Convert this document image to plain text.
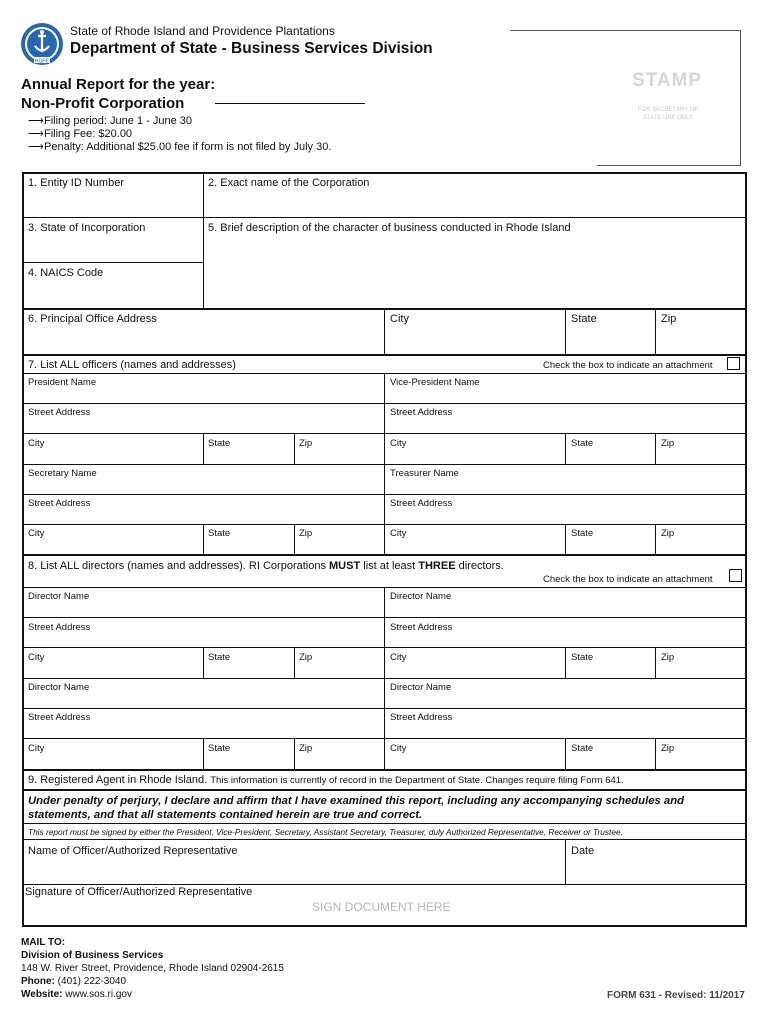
HOPE
State of Rhode Island and Providence Plantations
Department of State - Business Services Division
Annual Report for the year:
Non-Profit Corporation
⟶Filing period: June 1 - June 30
⟶Filing Fee: $20.00
⟶Penalty: Additional $25.00 fee if form is not filed by July 30.
STAMP
FOR SECRETARY OF STATE USE ONLY
1. Entity ID Number	2. Exact name of the Corporation
3. State of Incorporation	5. Brief description of the character of business conducted in Rhode Island
4. NAICS Code
6. Principal Office Address	City	State	Zip
7. List ALL officers (names and addresses)	Check the box to indicate an attachment
President Name	Vice-President Name
Street Address	Street Address
City	State	Zip	City	State	Zip
Secretary Name	Treasurer Name
Street Address	Street Address
City	State	Zip	City	State	Zip
8. List ALL directors (names and addresses). RI Corporations MUST list at least THREE directors.
Check the box to indicate an attachment
Director Name	Director Name
Street Address	Street Address
City	State	Zip	City	State	Zip
Director Name	Director Name
Street Address	Street Address
City	State	Zip	City	State	Zip
9. Registered Agent in Rhode Island. This information is currently of record in the Department of State. Changes require filing Form 641.
Under penalty of perjury, I declare and affirm that I have examined this report, including any accompanying schedules and statements, and that all statements contained herein are true and correct.
This report must be signed by either the President, Vice-President, Secretary, Assistant Secretary, Treasurer, duly Authorized Representative, Receiver or Trustee.
Name of Officer/Authorized Representative	Date
Signature of Officer/Authorized Representative
SIGN DOCUMENT HERE
MAIL TO:
Division of Business Services
148 W. River Street, Providence, Rhode Island 02904-2615
Phone: (401) 222-3040
Website: www.sos.ri.gov	FORM 631 - Revised: 11/2017
